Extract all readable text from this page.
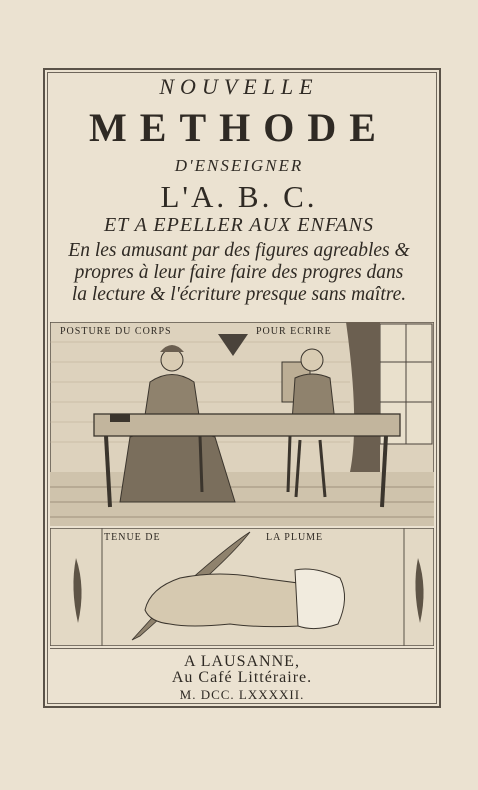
NOUVELLE
METHODE
D'ENSEIGNER
L'A. B. C.
ET A EPELLER AUX ENFANS
En les amusant par des figures agreables &
propres à leur faire faire des progres dans
la lecture & l'écriture presque sans maître.
POSTURE DU CORPS	POUR ECRIRE
TENUE DE	LA PLUME
A LAUSANNE,
Au Café Littéraire.
M. DCC. LXXXXII.
